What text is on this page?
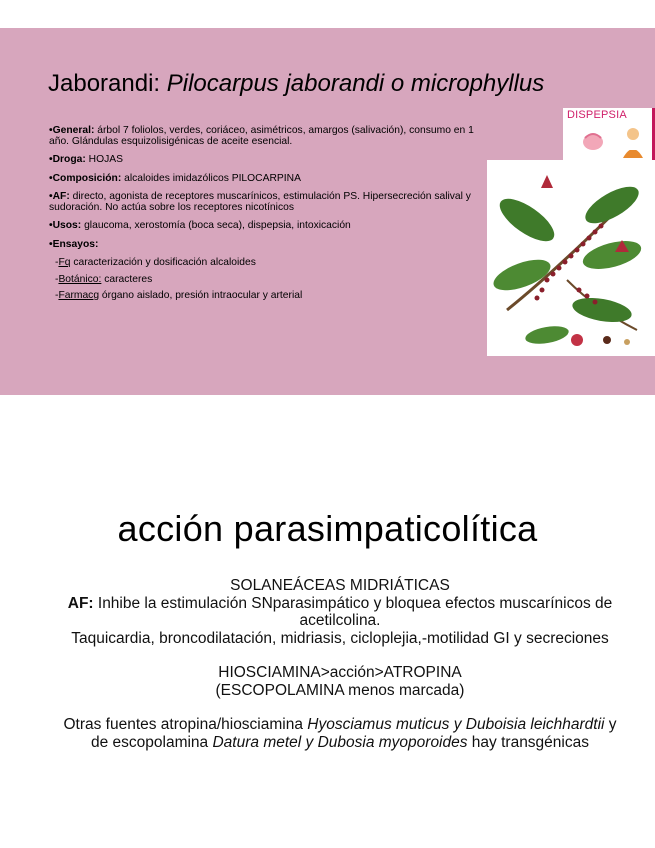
Jaborandi: Pilocarpus jaborandi o microphyllus
•General: árbol 7 foliolos, verdes, coriáceo, asimétricos, amargos (salivación), consumo en 1 año. Glándulas esquizolisigénicas de aceite esencial.
•Droga: HOJAS
•Composición: alcaloides imidazólicos PILOCARPINA
•AF: directo, agonista de receptores muscarínicos, estimulación PS. Hipersecreción salival y sudoración. No actúa sobre los receptores nicotínicos
•Usos: glaucoma, xerostomía (boca seca), dispepsia, intoxicación
•Ensayos:
-Fq caracterización y dosificación alcaloides
-Botánico: caracteres
-Farmacg órgano aislado, presión intraocular y arterial
DISPEPSIA
acción parasimpaticolítica
SOLANEÁCEAS MIDRIÁTICAS
AF: Inhibe la estimulación SNparasimpático y bloquea efectos muscarínicos de acetilcolina.
Taquicardia, broncodilatación, midriasis, cicloplejia,-motilidad GI y secreciones
HIOSCIAMINA>acción>ATROPINA
(ESCOPOLAMINA menos marcada)
Otras fuentes atropina/hiosciamina Hyosciamus muticus y Duboisia leichhardtii y de escopolamina Datura metel y Dubosia myoporoides hay transgénicas
